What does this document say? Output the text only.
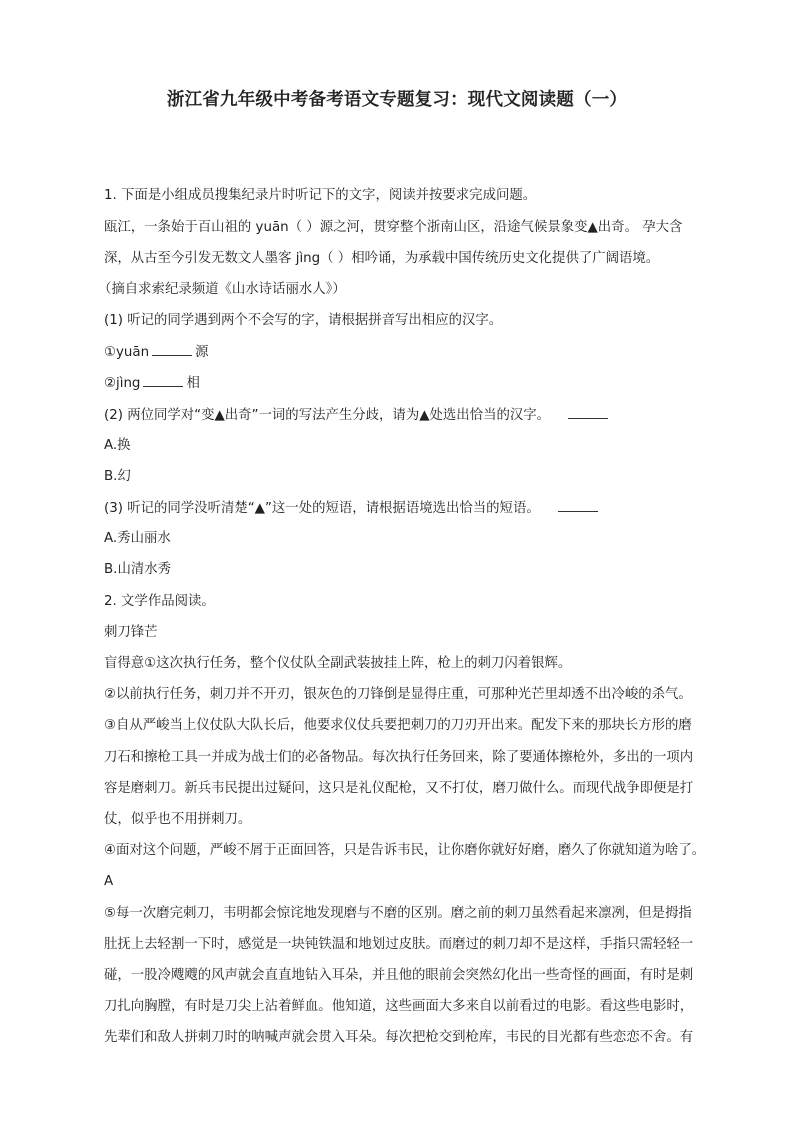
浙江省九年级中考备考语文专题复习：现代文阅读题（一）
1. 下面是小组成员搜集纪录片时听记下的文字，阅读并按要求完成问题。
瓯江，一条始于百山祖的 yuān（ ）源之河，贯穿整个浙南山区，沿途气候景象变▲出奇。 孕大含
深，从古至今引发无数文人墨客 jìng（ ）相吟诵，为承载中国传统历史文化提供了广阔语境。
（摘自求索纪录频道《山水诗话丽水人》）
(1) 听记的同学遇到两个不会写的字，请根据拼音写出相应的汉字。
①yuān	源
②jìng	相
(2) 两位同学对“变▲出奇”一词的写法产生分歧，请为▲处选出恰当的汉字。
A.换
B.幻
(3) 听记的同学没听清楚“▲”这一处的短语，请根据语境选出恰当的短语。
A.秀山丽水
B.山清水秀
2. 文学作品阅读。
刺刀锋芒
盲得意①这次执行任务，整个仪仗队全副武装披挂上阵，枪上的刺刀闪着银辉。
②以前执行任务，刺刀并不开刃，银灰色的刀锋倒是显得庄重，可那种光芒里却透不出冷峻的杀气。
③自从严峻当上仪仗队大队长后，他要求仪仗兵要把刺刀的刀刃开出来。配发下来的那块长方形的磨
刀石和擦枪工具一并成为战士们的必备物品。每次执行任务回来，除了要通体擦枪外，多出的一项内
容是磨刺刀。新兵韦民提出过疑问，这只是礼仪配枪，又不打仗，磨刀做什么。而现代战争即便是打
仗，似乎也不用拼刺刀。
④面对这个问题，严峻不屑于正面回答，只是告诉韦民，让你磨你就好好磨，磨久了你就知道为啥了。
A
⑤每一次磨完刺刀，韦明都会惊诧地发现磨与不磨的区别。磨之前的刺刀虽然看起来凛冽，但是拇指
肚抚上去轻割一下时，感觉是一块钝铁温和地划过皮肤。而磨过的刺刀却不是这样，手指只需轻轻一
碰，一股冷飕飕的风声就会直直地钻入耳朵，并且他的眼前会突然幻化出一些奇怪的画面，有时是刺
刀扎向胸膛，有时是刀尖上沾着鲜血。他知道，这些画面大多来自以前看过的电影。看这些电影时，
先辈们和敌人拼刺刀时的呐喊声就会贯入耳朵。每次把枪交到枪库，韦民的目光都有些恋恋不舍。有
